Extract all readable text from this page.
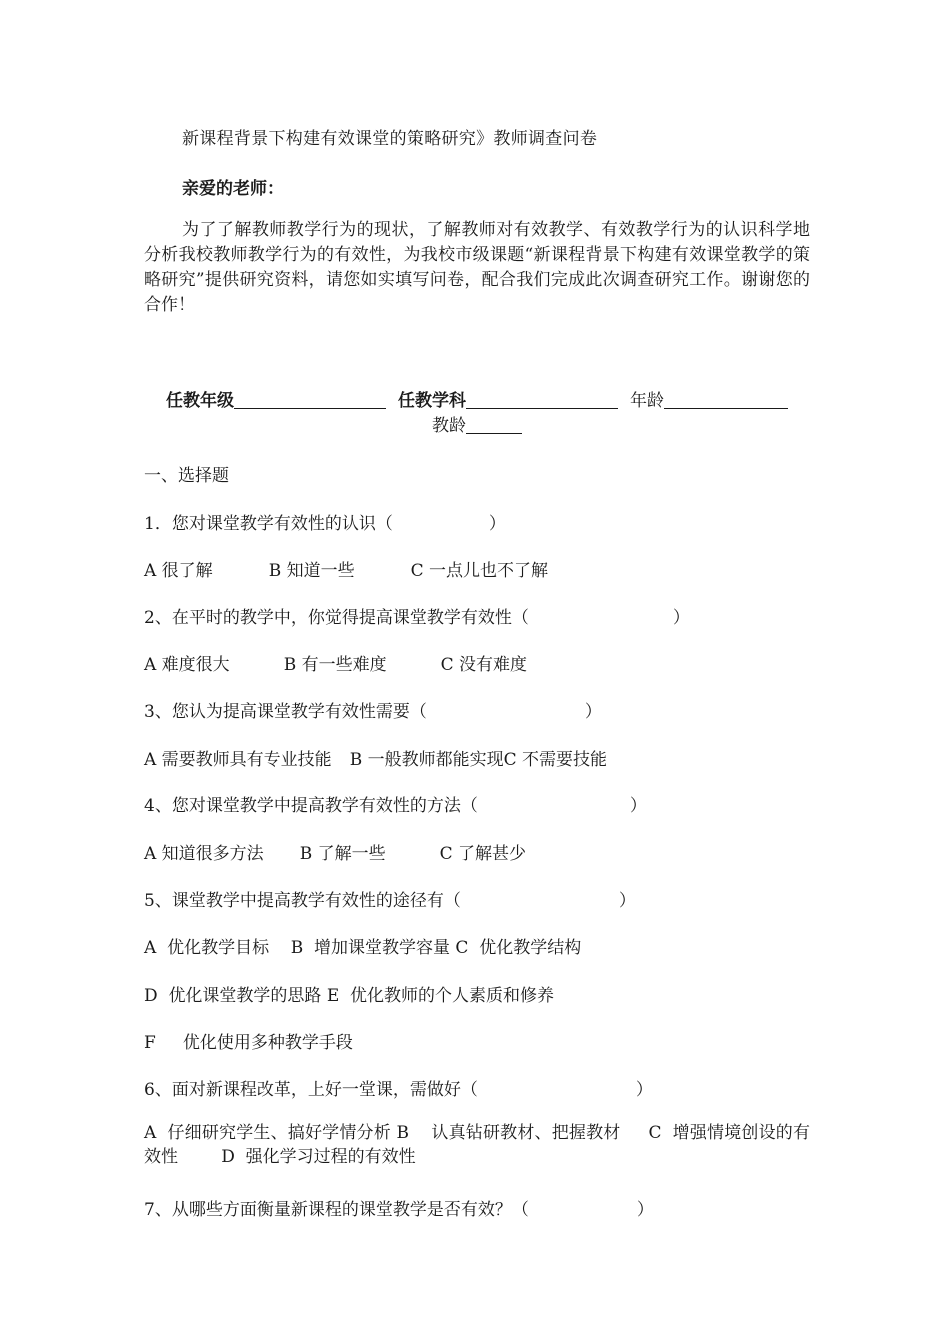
新课程背景下构建有效课堂的策略研究》教师调查问卷
亲爱的老师：
为了了解教师教学行为的现状，了解教师对有效教学、有效教学行为的认识科学地分析我校教师教学行为的有效性，为我校市级课题“新课程背景下构建有效课堂教学的策略研究”提供研究资料，请您如实填写问卷，配合我们完成此次调查研究工作。谢谢您的合作！
任教年级	任教学科	年龄
教龄
一、选择题
1．您对课堂教学有效性的认识（	）
A 很了解	B 知道一些	C 一点儿也不了解
2、在平时的教学中，你觉得提高课堂教学有效性（	）
A 难度很大	B 有一些难度	C 没有难度
3、您认为提高课堂教学有效性需要（	）
A 需要教师具有专业技能 B 一般教师都能实现C 不需要技能
4、您对课堂教学中提高教学有效性的方法（	）
A 知道很多方法 B 了解一些	C 了解甚少
5、课堂教学中提高教学有效性的途径有（	）
A  优化教学目标    B  增加课堂教学容量 C  优化教学结构
D  优化课堂教学的思路 E  优化教师的个人素质和修养
F     优化使用多种教学手段
6、面对新课程改革，上好一堂课，需做好（	）
A  仔细研究学生、搞好学情分析 B    认真钻研教材、把握教材     C  增强情境创设的有效性        D  强化学习过程的有效性
7、从哪些方面衡量新课程的课堂教学是否有效？（	）
